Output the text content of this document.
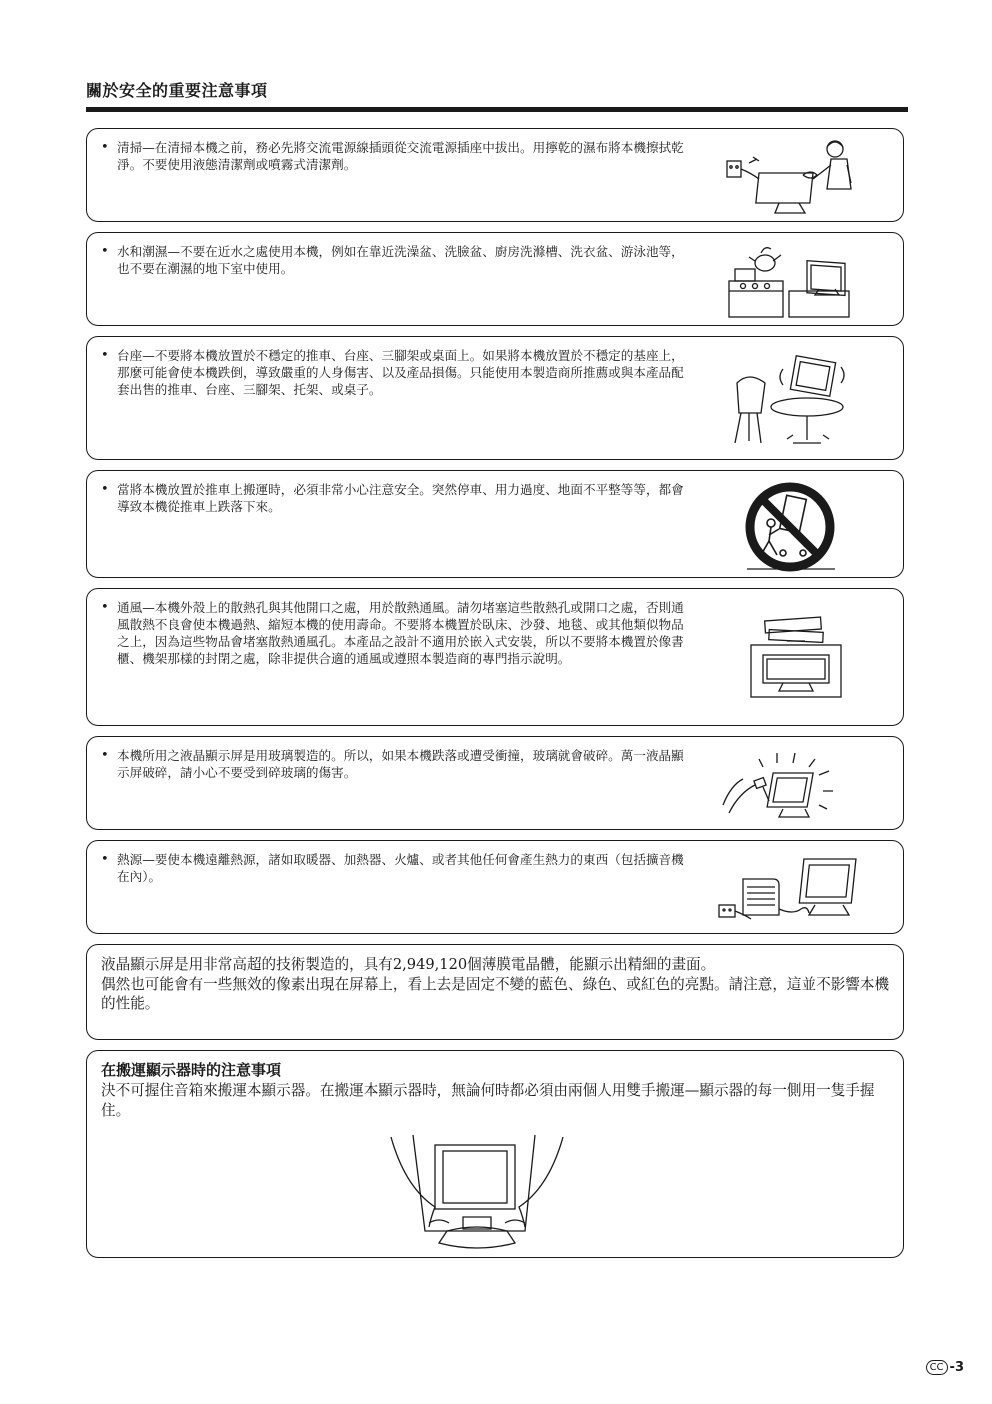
關於安全的重要注意事項
• 清掃—在清掃本機之前，務必先將交流電源線插頭從交流電源插座中拔出。用擰乾的濕布將本機擦拭乾淨。不要使用液態清潔劑或噴霧式清潔劑。
• 水和潮濕—不要在近水之處使用本機，例如在靠近洗澡盆、洗臉盆、廚房洗滌槽、洗衣盆、游泳池等，也不要在潮濕的地下室中使用。
• 台座—不要將本機放置於不穩定的推車、台座、三腳架或桌面上。如果將本機放置於不穩定的基座上，那麼可能會使本機跌倒，導致嚴重的人身傷害、以及產品損傷。只能使用本製造商所推薦或與本產品配套出售的推車、台座、三腳架、托架、或桌子。
• 當將本機放置於推車上搬運時，必須非常小心注意安全。突然停車、用力過度、地面不平整等等，都會導致本機從推車上跌落下來。
• 通風—本機外殼上的散熱孔與其他開口之處，用於散熱通風。請勿堵塞這些散熱孔或開口之處，否則通風散熱不良會使本機過熱、縮短本機的使用壽命。不要將本機置於臥床、沙發、地毯、或其他類似物品之上，因為這些物品會堵塞散熱通風孔。本產品之設計不適用於嵌入式安裝，所以不要將本機置於像書櫃、機架那樣的封閉之處，除非提供合適的通風或遵照本製造商的專門指示說明。
• 本機所用之液晶顯示屏是用玻璃製造的。所以，如果本機跌落或遭受衝撞，玻璃就會破碎。萬一液晶顯示屏破碎，請小心不要受到碎玻璃的傷害。
• 熱源—要使本機遠離熱源，諸如取暖器、加熱器、火爐、或者其他任何會產生熱力的東西（包括擴音機在內）。
液晶顯示屏是用非常高超的技術製造的，具有2,949,120個薄膜電晶體，能顯示出精細的畫面。
偶然也可能會有一些無效的像素出現在屏幕上，看上去是固定不變的藍色、綠色、或紅色的亮點。請注意，這並不影響本機的性能。
在搬運顯示器時的注意事項
決不可握住音箱來搬運本顯示器。在搬運本顯示器時，無論何時都必須由兩個人用雙手搬運—顯示器的每一側用一隻手握住。
CC -3
